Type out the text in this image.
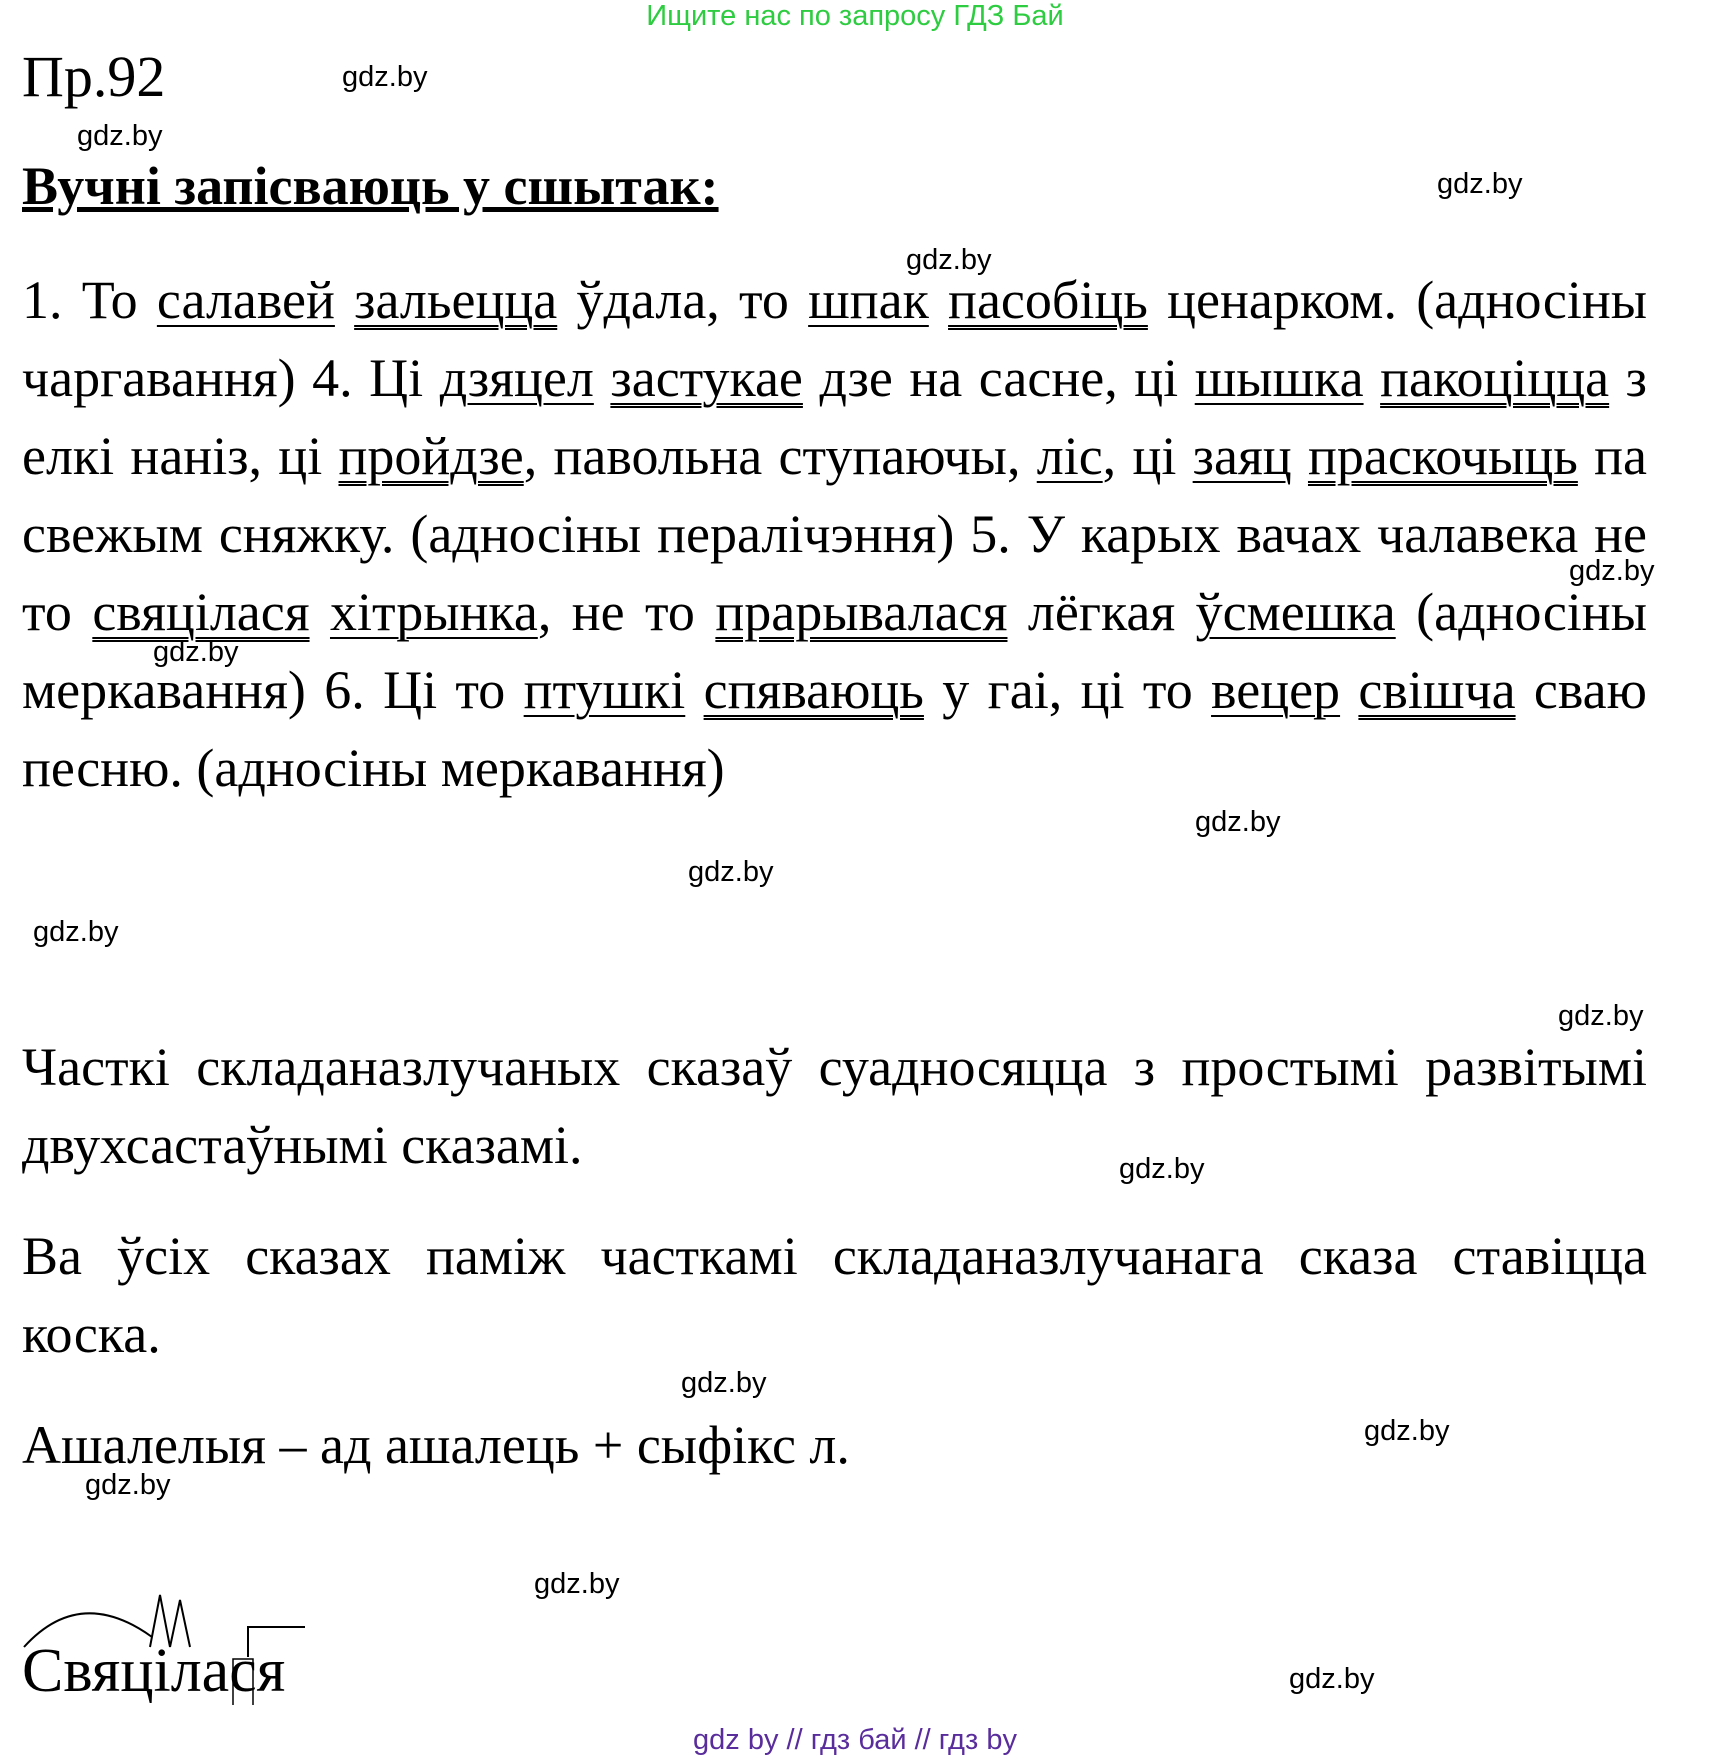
Ищите нас по запросу ГДЗ Бай
Пр.92
Вучні запісваюць у сшытак:
1. То салавей зальецца ўдала, то шпак пасобіць ценарком. (адносіны чаргавання) 4. Ці дзяцел застукае дзе на сасне, ці шышка пакоціцца з елкі наніз, ці пройдзе, павольна ступаючы, ліс, ці заяц праскочыць па свежым сняжку. (адносіны пералічэння) 5. У карых вачах чалавека не то свяцілася хітрынка, не то прарывалася лёгкая ўсмешка (адносіны меркавання) 6. Ці то птушкі спяваюць у гаі, ці то вецер свішча сваю песню. (адносіны меркавання)
Часткі складаназлучаных сказаў суадносяцца з простымі развітымі двухсастаўнымі сказамі.
Ва ўсіх сказах паміж часткамі складаназлучанага сказа ставіцца коска.
Ашалелыя – ад ашалець + сыфікс л.
Свяцілася
gdz.by
gdz.by
gdz.by
gdz.by
gdz.by
gdz.by
gdz.by
gdz.by
gdz.by
gdz.by
gdz.by
gdz.by
gdz.by
gdz.by
gdz.by
gdz.by
gdz by // гдз бай // гдз by
